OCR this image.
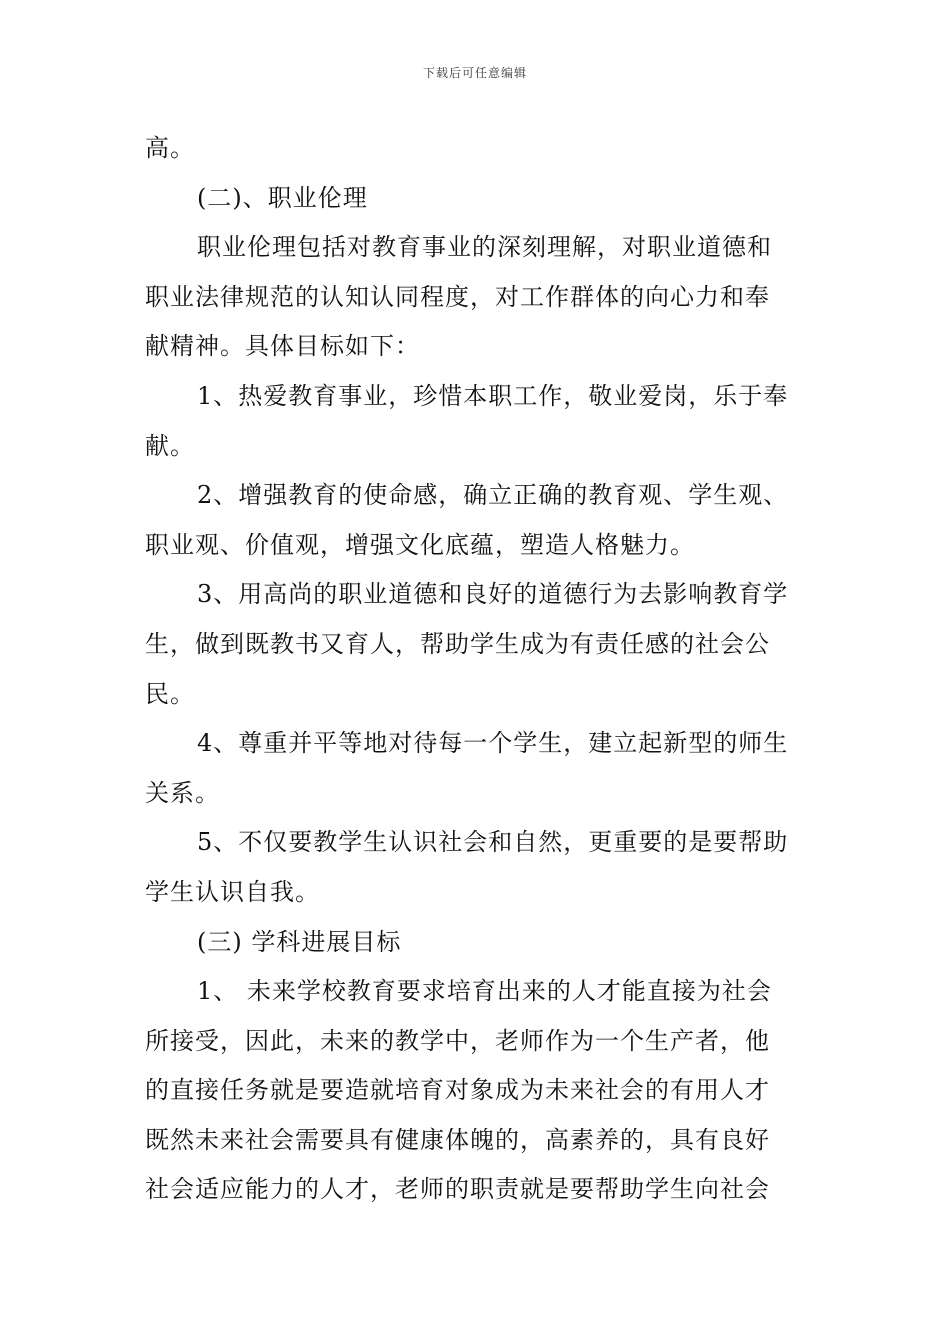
下载后可任意编辑
高。
(二)、职业伦理
职业伦理包括对教育事业的深刻理解，对职业道德和
职业法律规范的认知认同程度，对工作群体的向心力和奉
献精神。具体目标如下：
1、热爱教育事业，珍惜本职工作，敬业爱岗，乐于奉
献。
2、增强教育的使命感，确立正确的教育观、学生观、
职业观、价值观，增强文化底蕴，塑造人格魅力。
3、用高尚的职业道德和良好的道德行为去影响教育学
生，做到既教书又育人，帮助学生成为有责任感的社会公
民。
4、尊重并平等地对待每一个学生，建立起新型的师生
关系。
5、不仅要教学生认识社会和自然，更重要的是要帮助
学生认识自我。
(三) 学科进展目标
1、 未来学校教育要求培育出来的人才能直接为社会
所接受，因此，未来的教学中，老师作为一个生产者，他
的直接任务就是要造就培育对象成为未来社会的有用人才
既然未来社会需要具有健康体魄的，高素养的，具有良好
社会适应能力的人才，老师的职责就是要帮助学生向社会
